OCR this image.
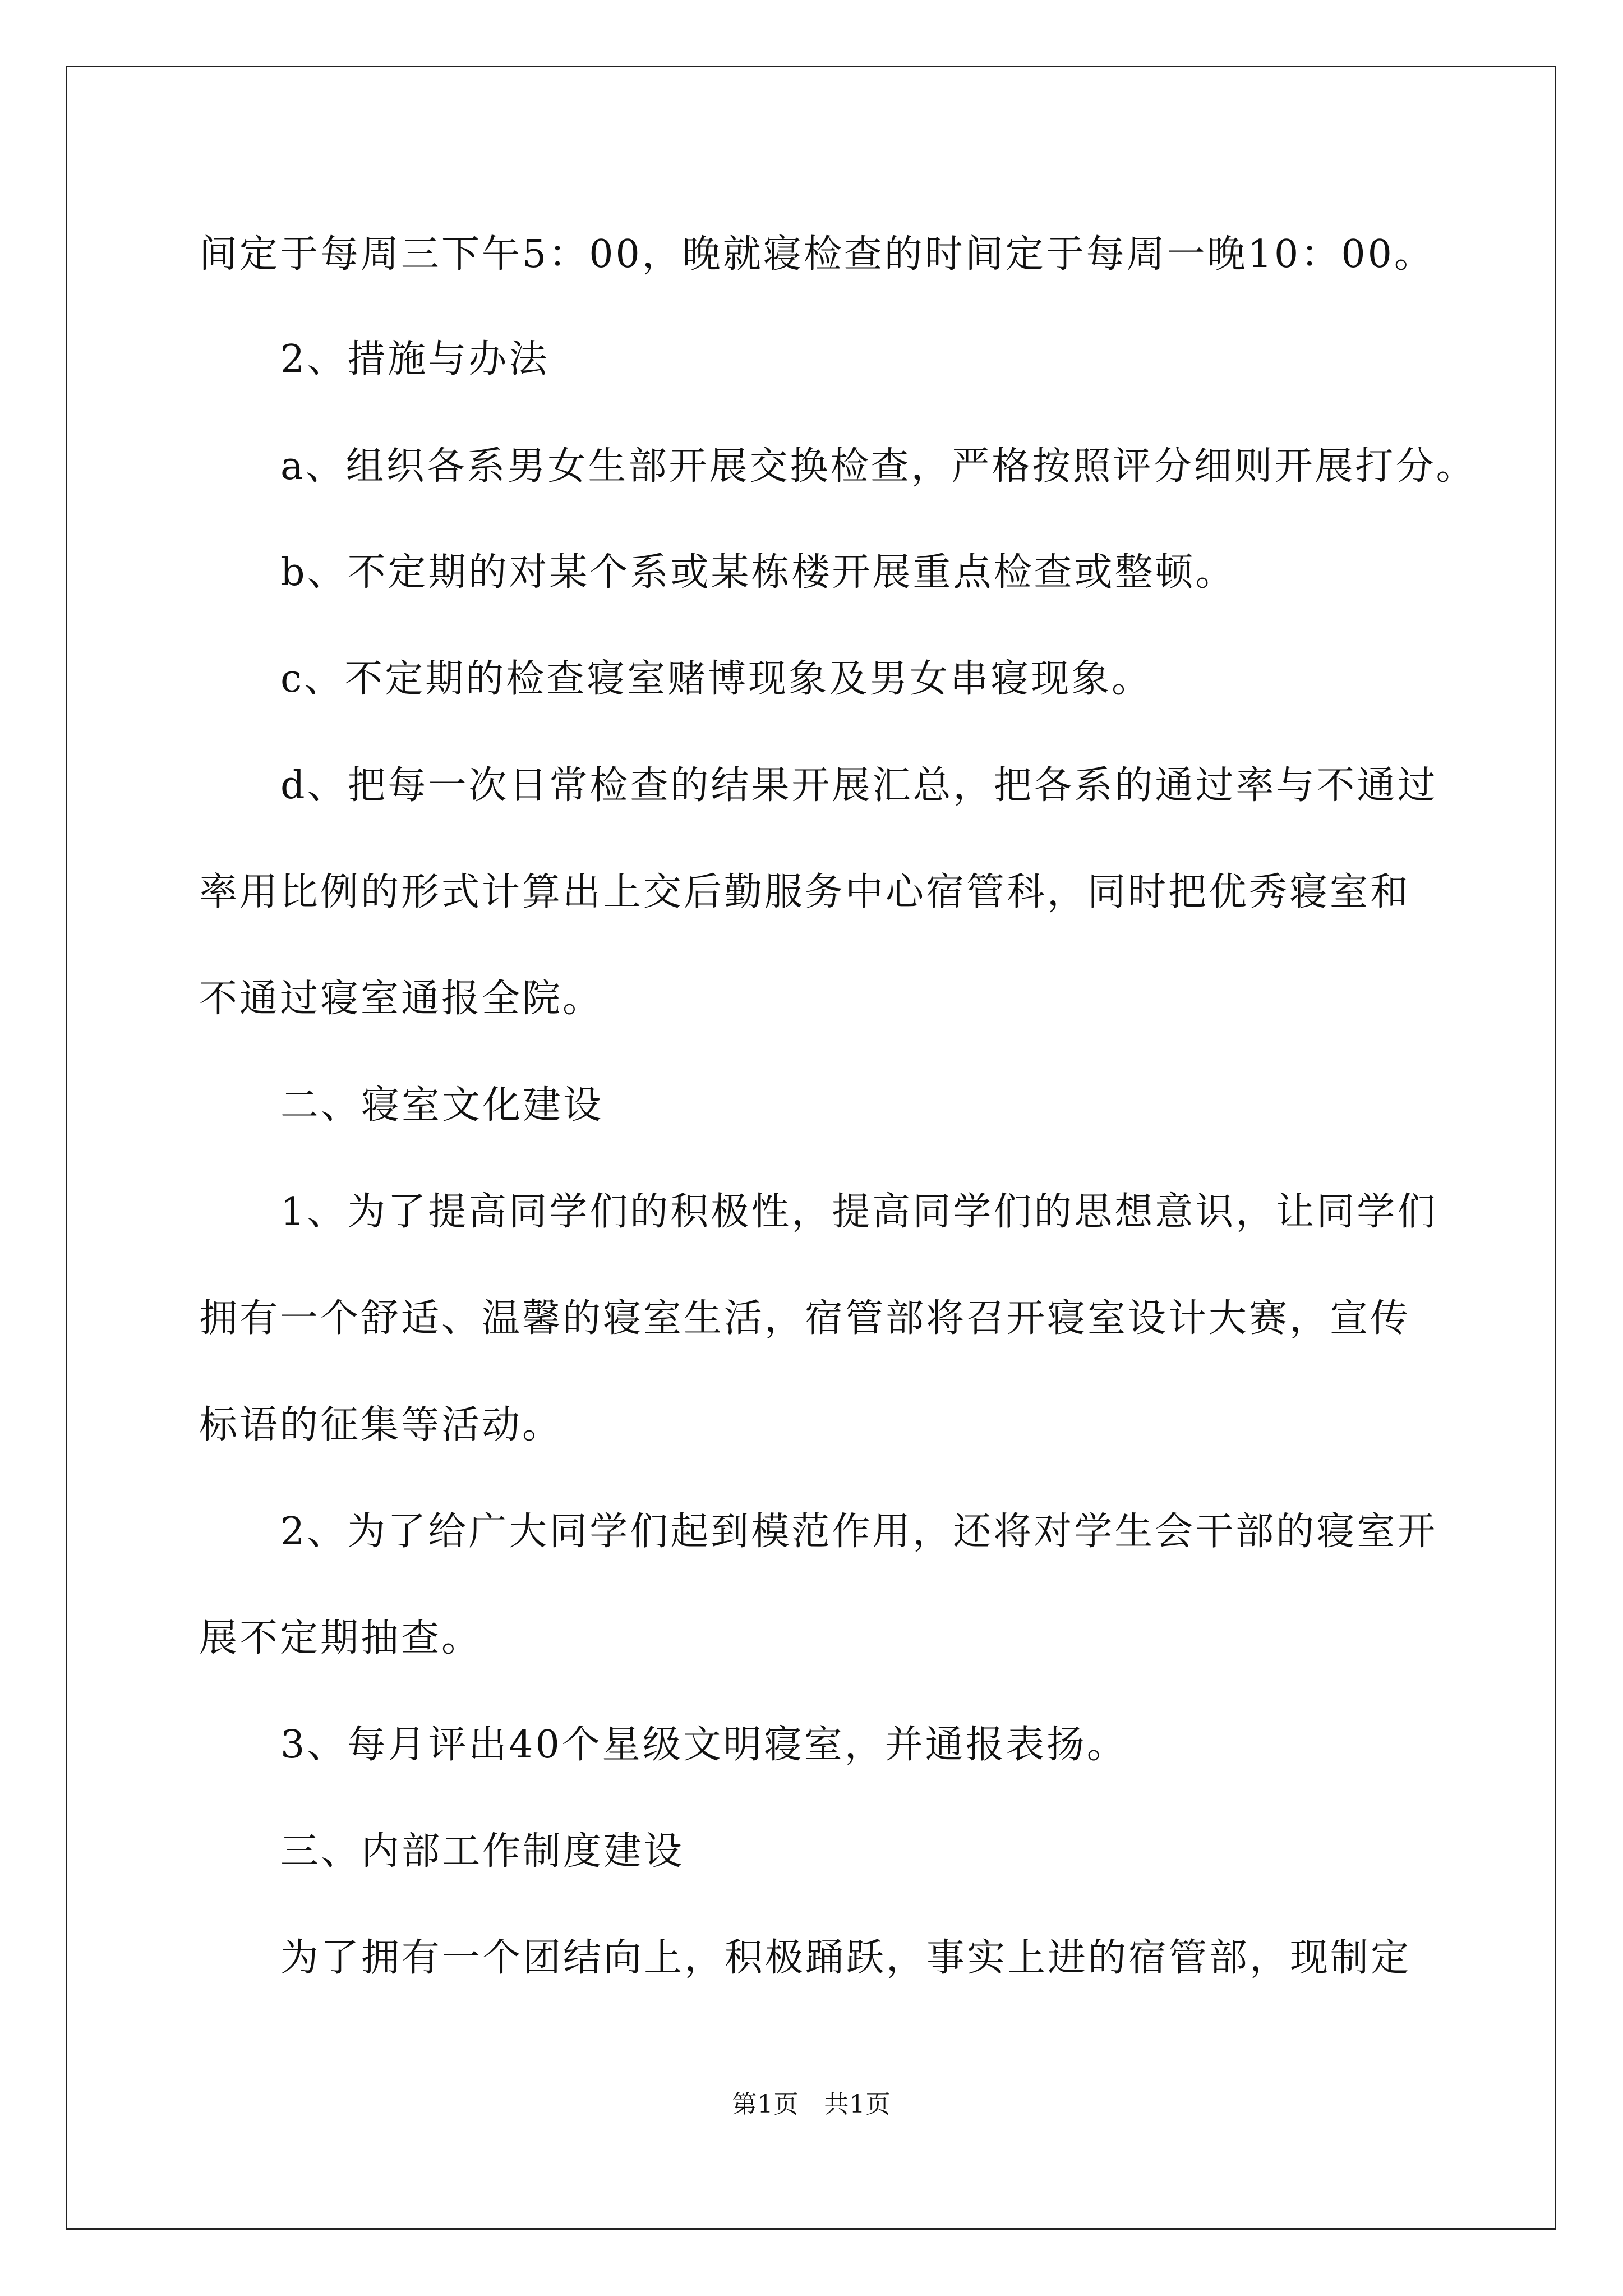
间定于每周三下午5：00，晚就寝检查的时间定于每周一晚10：00。
2、措施与办法
a、组织各系男女生部开展交换检查，严格按照评分细则开展打分。
b、不定期的对某个系或某栋楼开展重点检查或整顿。
c、不定期的检查寝室赌博现象及男女串寝现象。
d、把每一次日常检查的结果开展汇总，把各系的通过率与不通过
率用比例的形式计算出上交后勤服务中心宿管科，同时把优秀寝室和
不通过寝室通报全院。
二、寝室文化建设
1、为了提高同学们的积极性，提高同学们的思想意识，让同学们
拥有一个舒适、温馨的寝室生活，宿管部将召开寝室设计大赛，宣传
标语的征集等活动。
2、为了给广大同学们起到模范作用，还将对学生会干部的寝室开
展不定期抽查。
3、每月评出40个星级文明寝室，并通报表扬。
三、内部工作制度建设
为了拥有一个团结向上，积极踊跃，事实上进的宿管部，现制定
第1页　共1页
